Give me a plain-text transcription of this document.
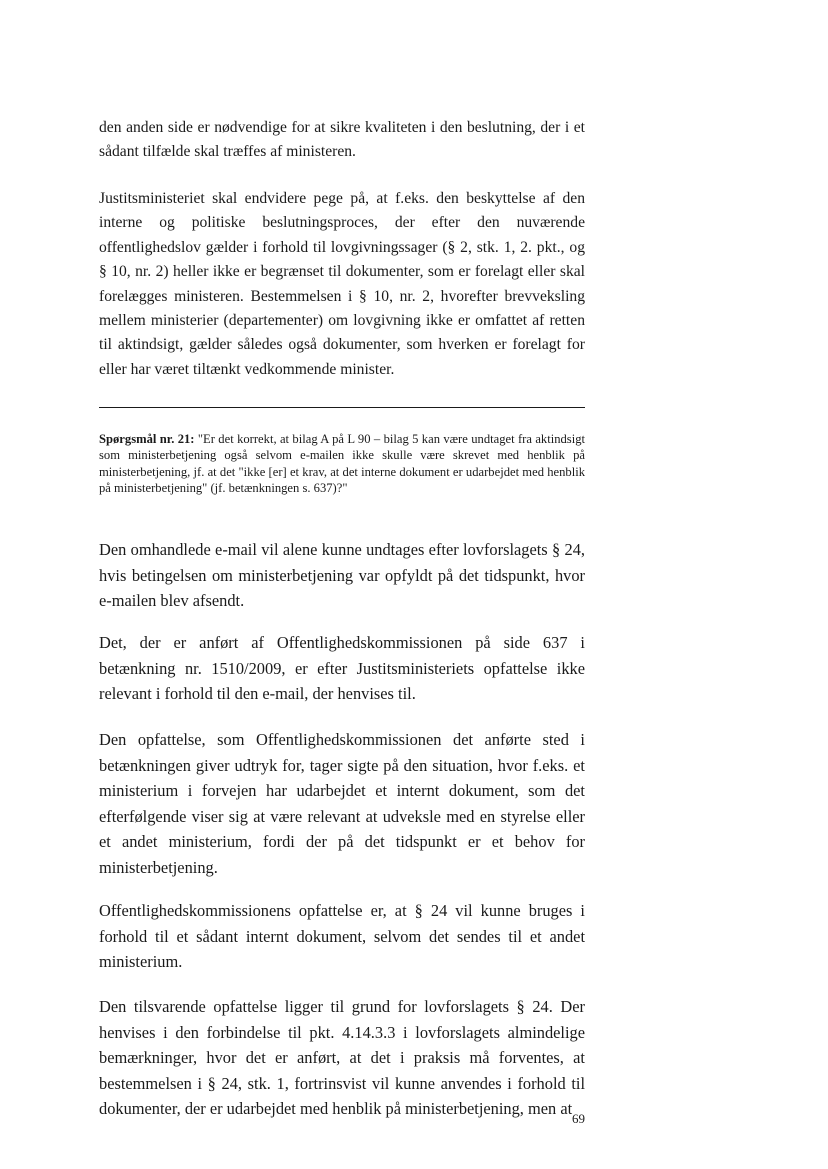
den anden side er nødvendige for at sikre kvaliteten i den beslutning, der i et sådant tilfælde skal træffes af ministeren.

Justitsministeriet skal endvidere pege på, at f.eks. den beskyttelse af den interne og politiske beslutningsproces, der efter den nuværende offentlighedslov gælder i forhold til lovgivningssager (§ 2, stk. 1, 2. pkt., og § 10, nr. 2) heller ikke er begrænset til dokumenter, som er forelagt eller skal forelægges ministeren. Bestemmelsen i § 10, nr. 2, hvorefter brevveksling mellem ministerier (departementer) om lovgivning ikke er omfattet af retten til aktindsigt, gælder således også dokumenter, som hverken er forelagt for eller har været tiltænkt vedkommende minister.

Spørgsmål nr. 21: "Er det korrekt, at bilag A på L 90 – bilag 5 kan være undtaget fra aktindsigt som ministerbetjening også selvom e-mailen ikke skulle være skrevet med henblik på ministerbetjening, jf. at det "ikke [er] et krav, at det interne dokument er udarbejdet med henblik på ministerbetjening" (jf. betænkningen s. 637)?"

Den omhandlede e-mail vil alene kunne undtages efter lovforslagets § 24, hvis betingelsen om ministerbetjening var opfyldt på det tidspunkt, hvor e-mailen blev afsendt.

Det, der er anført af Offentlighedskommissionen på side 637 i betænkning nr. 1510/2009, er efter Justitsministeriets opfattelse ikke relevant i forhold til den e-mail, der henvises til.

Den opfattelse, som Offentlighedskommissionen det anførte sted i betænkningen giver udtryk for, tager sigte på den situation, hvor f.eks. et ministerium i forvejen har udarbejdet et internt dokument, som det efterfølgende viser sig at være relevant at udveksle med en styrelse eller et andet ministerium, fordi der på det tidspunkt er et behov for ministerbetjening.

Offentlighedskommissionens opfattelse er, at § 24 vil kunne bruges i forhold til et sådant internt dokument, selvom det sendes til et andet ministerium.

Den tilsvarende opfattelse ligger til grund for lovforslagets § 24. Der henvises i den forbindelse til pkt. 4.14.3.3 i lovforslagets almindelige bemærkninger, hvor det er anført, at det i praksis må forventes, at bestemmelsen i § 24, stk. 1, fortrinsvist vil kunne anvendes i forhold til dokumenter, der er udarbejdet med henblik på ministerbetjening, men at

69
